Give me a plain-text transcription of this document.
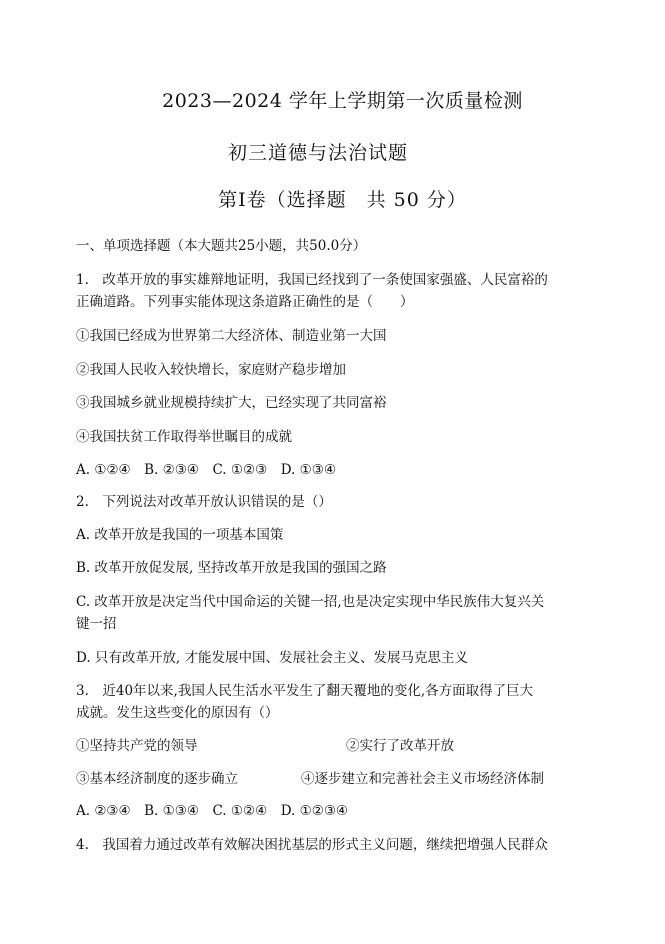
2023—2024 学年上学期第一次质量检测
初三道德与法治试题
第Ⅰ卷（选择题　共 50 分）
一、单项选择题（本大题共25小题，共50.0分）
1.　改革开放的事实雄辩地证明，我国已经找到了一条使国家强盛、人民富裕的
正确道路。下列事实能体现这条道路正确性的是（　　）
①我国已经成为世界第二大经济体、制造业第一大国
②我国人民收入较快增长，家庭财产稳步增加
③我国城乡就业规模持续扩大，已经实现了共同富裕
④我国扶贫工作取得举世瞩目的成就
A. ①②④　B. ②③④　C. ①②③　D. ①③④
2.　下列说法对改革开放认识错误的是（）
A. 改革开放是我国的一项基本国策
B. 改革开放促发展, 坚持改革开放是我国的强国之路
C. 改革开放是决定当代中国命运的关键一招,也是决定实现中华民族伟大复兴关
键一招
D. 只有改革开放, 才能发展中国、发展社会主义、发展马克思主义
3.　近40年以来,我国人民生活水平发生了翻天覆地的变化,各方面取得了巨大
成就。发生这些变化的原因有（）
①坚持共产党的领导	②实行了改革开放
③基本经济制度的逐步确立	④逐步建立和完善社会主义市场经济体制
A. ②③④　B. ①③④　C. ①②④　D. ①②③④
4.　我国着力通过改革有效解决困扰基层的形式主义问题，继续把增强人民群众
